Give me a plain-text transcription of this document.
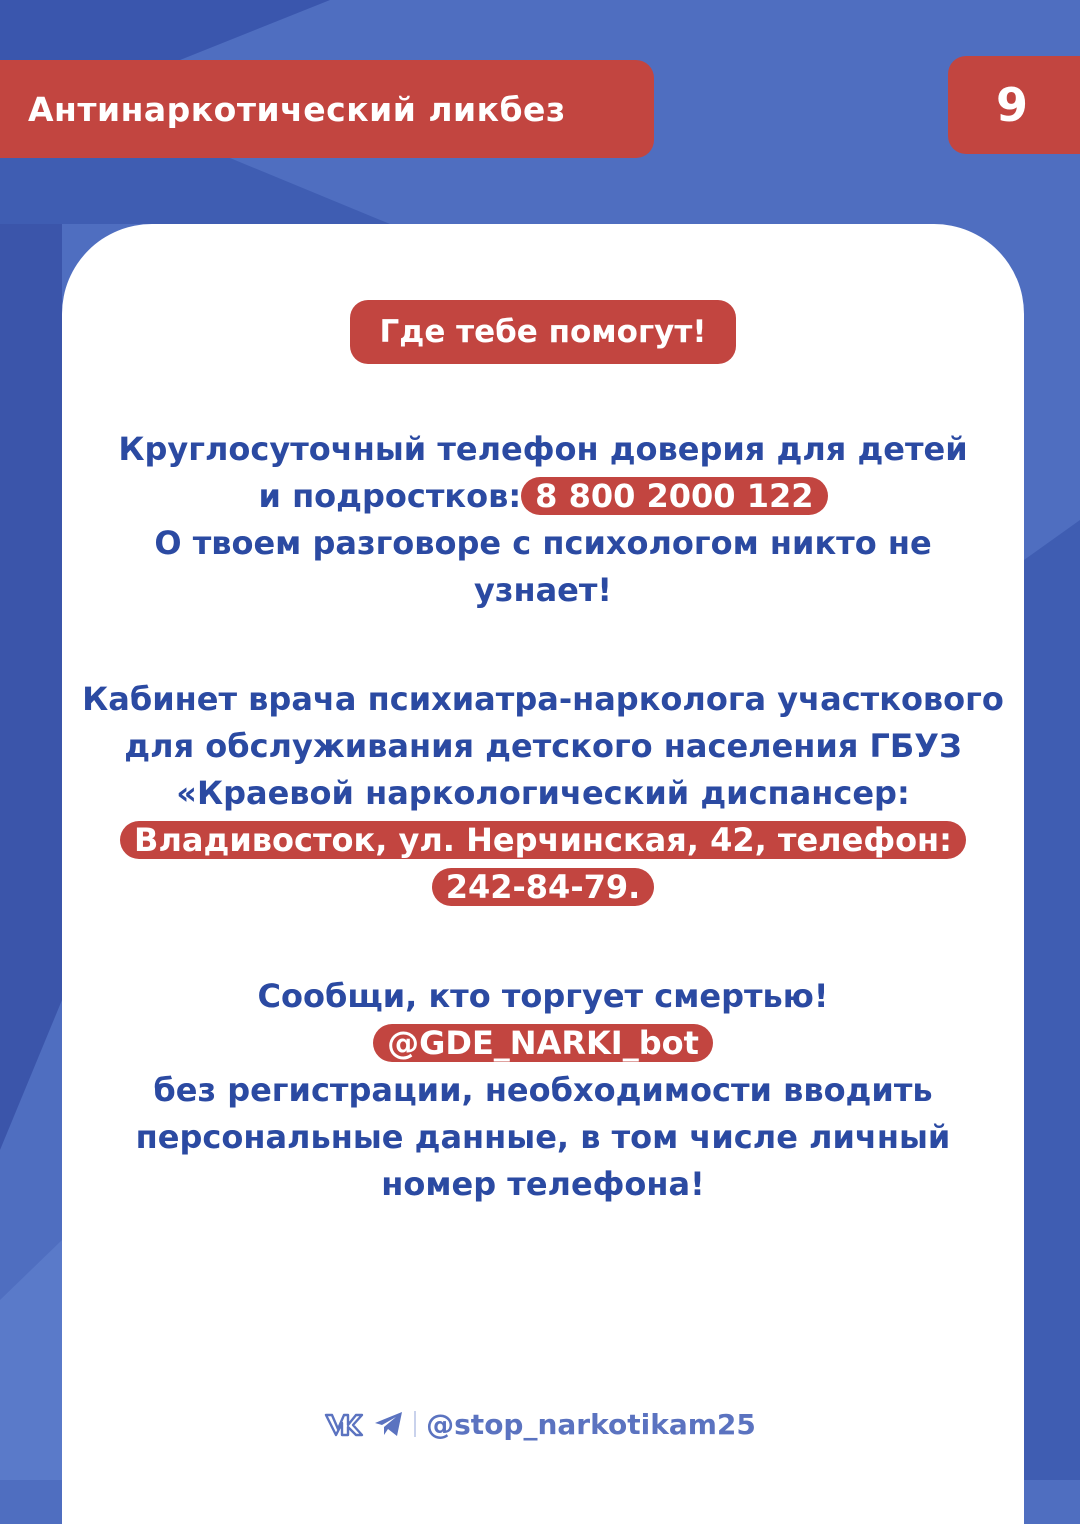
Антинаркотический ликбез	9
Где тебе помогут!

Круглосуточный телефон доверия для детей

и подростков: 8 800 2000 122

О твоем разговоре с психологом никто не узнает!

Кабинет врача психиатра-нарколога участкового для обслуживания детского населения ГБУЗ «Краевой наркологический диспансер:

Владивосток, ул. Нерчинская, 42, телефон: 242-84-79.

Сообщи, кто торгует смертью!

@GDE_NARKI_bot

без регистрации, необходимости вводить персональные данные, в том числе личный номер телефона!

@stop_narkotikam25
